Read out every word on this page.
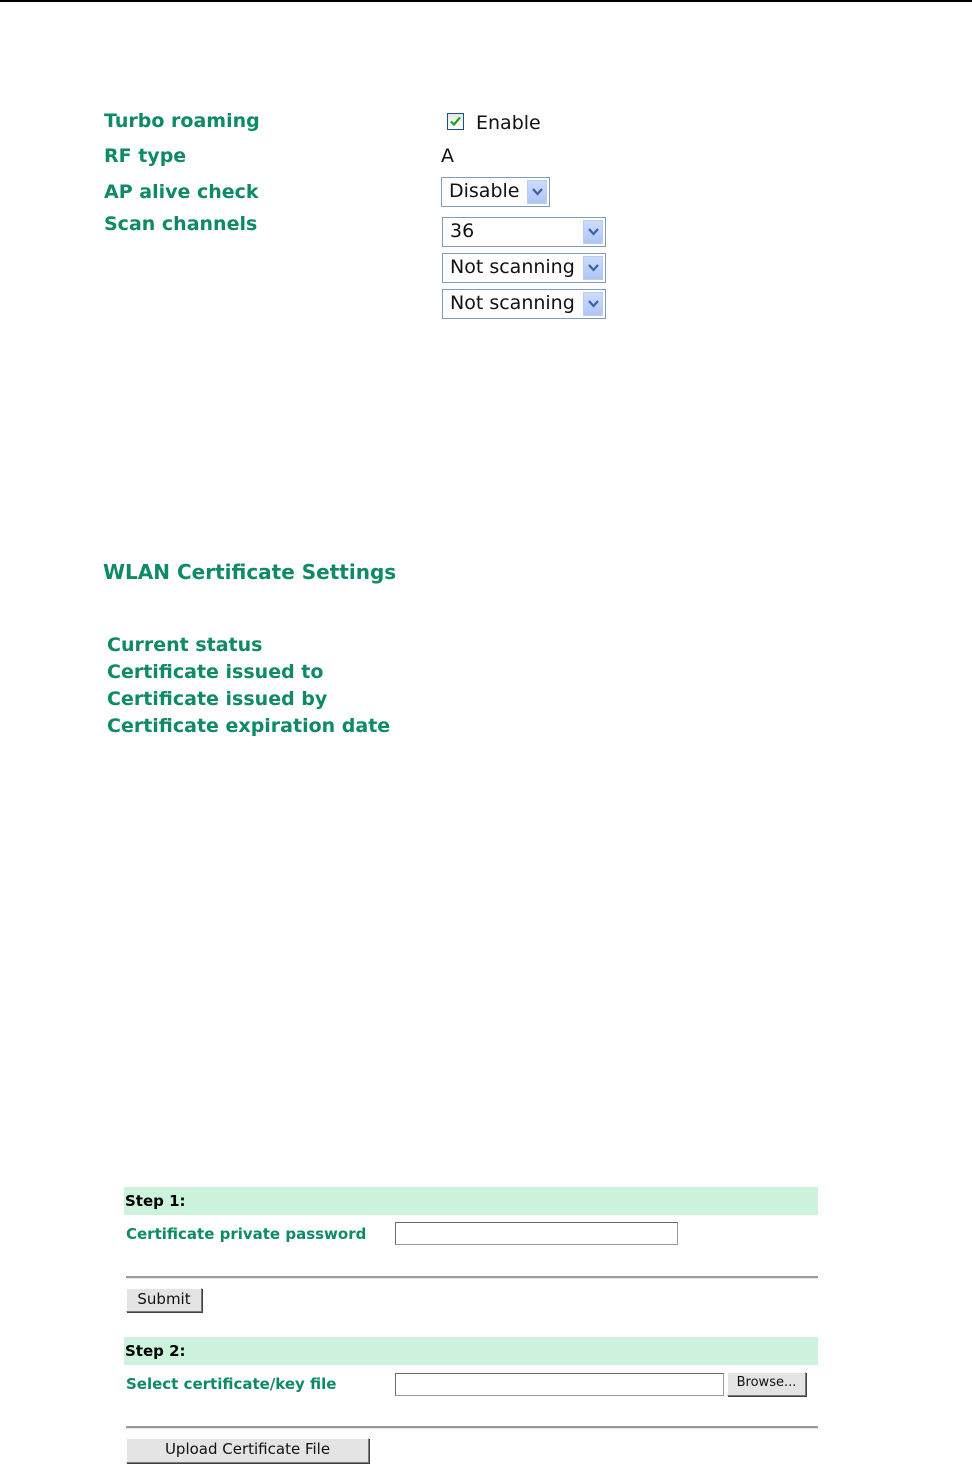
Turbo roaming	Enable
RF type	A
AP alive check	Disable
Scan channels	36
Not scanning
Not scanning
WLAN Certificate Settings
Current status
Certificate issued to
Certificate issued by
Certificate expiration date
Step 1:
Certificate private password
Submit
Step 2:
Select certificate/key file	Browse...
Upload Certificate File
